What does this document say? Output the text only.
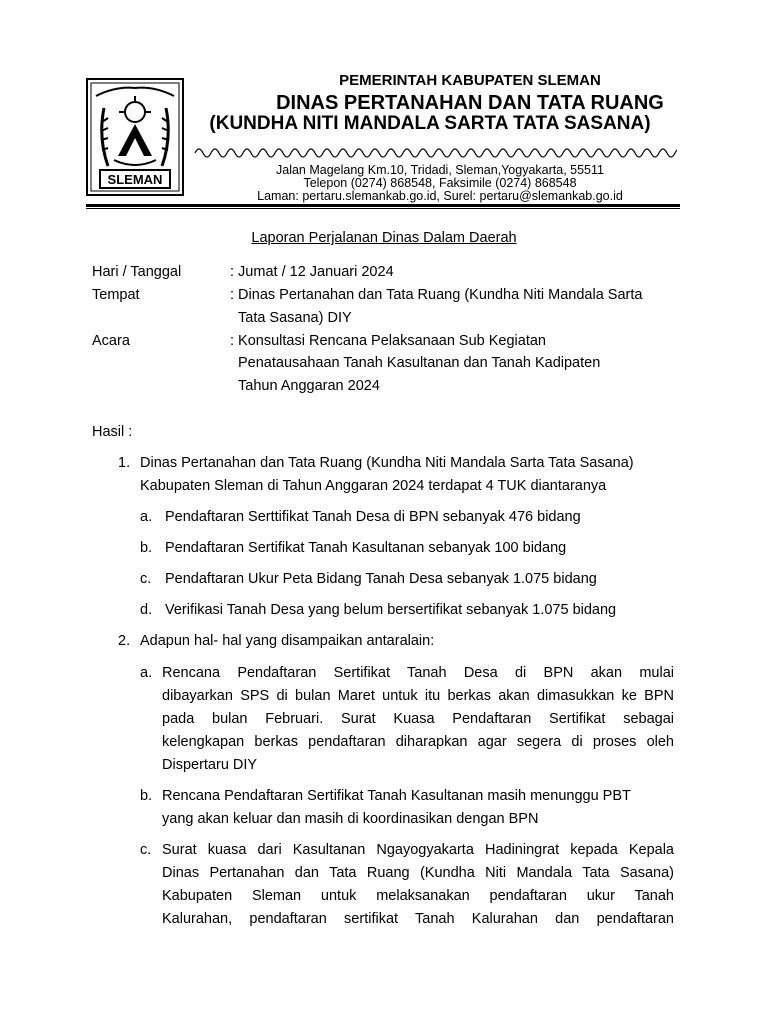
SLEMAN
PEMERINTAH KABUPATEN SLEMAN
DINAS PERTANAHAN DAN TATA RUANG
(KUNDHA NITI MANDALA SARTA TATA SASANA)
Jalan Magelang Km.10, Tridadi, Sleman,Yogyakarta, 55511
Telepon (0274) 868548, Faksimile (0274) 868548
Laman: pertaru.slemankab.go.id, Surel: pertaru@slemankab.go.id
Laporan Perjalanan Dinas Dalam Daerah
Hari / Tanggal	: Jumat / 12 Januari 2024
Tempat	: Dinas Pertanahan dan Tata Ruang (Kundha Niti Mandala Sarta
Tata Sasana) DIY
Acara	: Konsultasi Rencana Pelaksanaan Sub Kegiatan
Penatausahaan Tanah Kasultanan dan Tanah Kadipaten
Tahun Anggaran 2024
Hasil :
1. Dinas Pertanahan dan Tata Ruang (Kundha Niti Mandala Sarta Tata Sasana)
Kabupaten Sleman di Tahun Anggaran 2024 terdapat 4 TUK diantaranya
a. Pendaftaran Serttifikat Tanah Desa di BPN sebanyak 476 bidang
b. Pendaftaran Sertifikat Tanah Kasultanan sebanyak 100 bidang
c. Pendaftaran Ukur Peta Bidang Tanah Desa sebanyak 1.075 bidang
d. Verifikasi Tanah Desa yang belum bersertifikat sebanyak 1.075 bidang
2. Adapun hal- hal yang disampaikan antaralain:
a. Rencana Pendaftaran Sertifikat Tanah Desa di BPN akan mulai
dibayarkan SPS di bulan Maret untuk itu berkas akan dimasukkan ke BPN
pada bulan Februari. Surat Kuasa Pendaftaran Sertifikat sebagai
kelengkapan berkas pendaftaran diharapkan agar segera di proses oleh
Dispertaru DIY
b. Rencana Pendaftaran Sertifikat Tanah Kasultanan masih menunggu PBT
yang akan keluar dan masih di koordinasikan dengan BPN
c. Surat kuasa dari Kasultanan Ngayogyakarta Hadiningrat kepada Kepala
Dinas Pertanahan dan Tata Ruang (Kundha Niti Mandala Tata Sasana)
Kabupaten Sleman untuk melaksanakan pendaftaran ukur Tanah
Kalurahan, pendaftaran sertifikat Tanah Kalurahan dan pendaftaran
